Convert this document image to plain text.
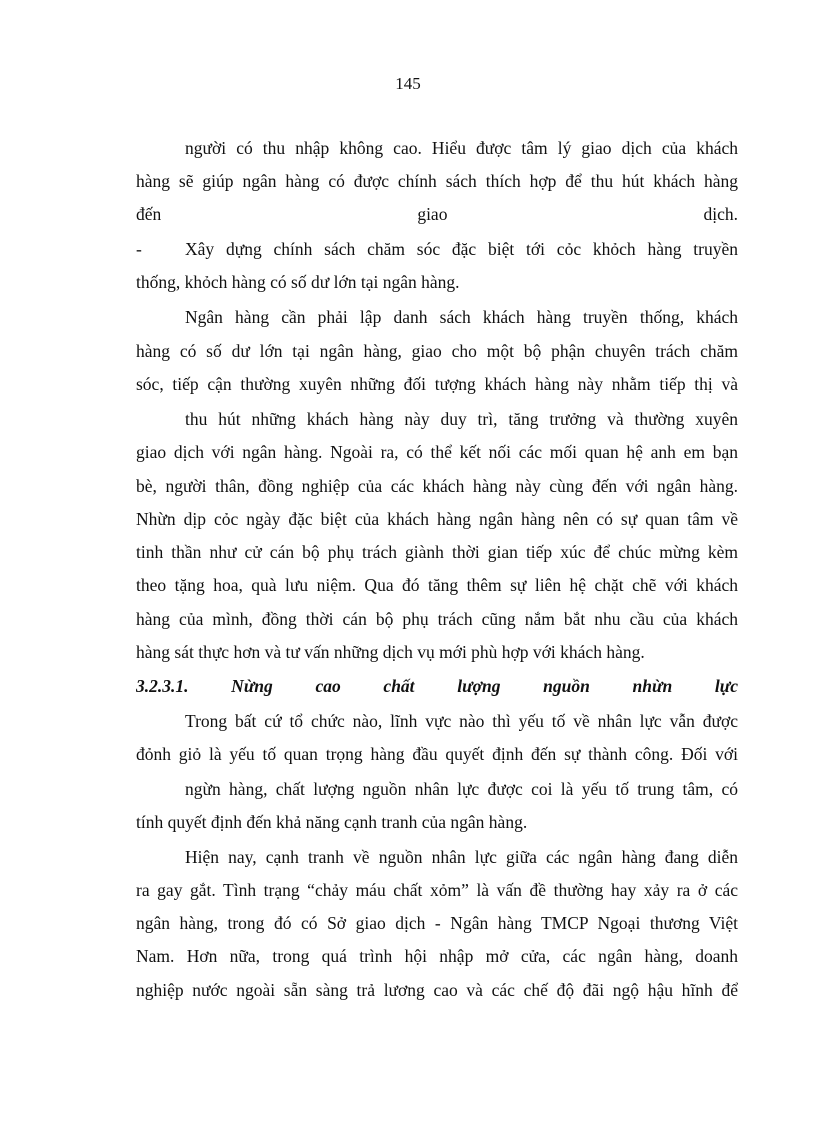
145
người có thu nhập không cao. Hiểu được tâm lý giao dịch của khách
hàng sẽ giúp ngân hàng có được chính sách thích hợp để thu hút khách hàng
đến giao dịch.
- Xây dựng chính sách chăm sóc đặc biệt tới cỏc khỏch hàng truyền
thống, khỏch hàng có số dư lớn tại ngân hàng.
Ngân hàng cần phải lập danh sách khách hàng truyền thống, khách
hàng có số dư lớn tại ngân hàng, giao cho một bộ phận chuyên trách chăm
sóc, tiếp cận thường xuyên những đối tượng khách hàng này nhằm tiếp thị và
thu hút những khách hàng này duy trì, tăng trưởng và thường xuyên
giao dịch với ngân hàng. Ngoài ra, có thể kết nối các mối quan hệ anh em bạn
bè, người thân, đồng nghiệp của các khách hàng này cùng đến với ngân hàng.
Nhừn dịp cỏc ngày đặc biệt của khách hàng ngân hàng nên có sự quan tâm về
tinh thần như cử cán bộ phụ trách giành thời gian tiếp xúc để chúc mừng kèm
theo tặng hoa, quà lưu niệm. Qua đó tăng thêm sự liên hệ chặt chẽ với khách
hàng của mình, đồng thời cán bộ phụ trách cũng nắm bắt nhu cầu của khách
hàng sát thực hơn và tư vấn những dịch vụ mới phù hợp với khách hàng.
3.2.3.1. Nừng cao chất lượng nguồn nhừn lực
Trong bất cứ tổ chức nào, lĩnh vực nào thì yếu tố về nhân lực vẫn được
đỏnh giỏ là yếu tố quan trọng hàng đầu quyết định đến sự thành công. Đối với
ngừn hàng, chất lượng nguồn nhân lực được coi là yếu tố trung tâm, có
tính quyết định đến khả năng cạnh tranh của ngân hàng.
Hiện nay, cạnh tranh về nguồn nhân lực giữa các ngân hàng đang diễn
ra gay gắt. Tình trạng “chảy máu chất xỏm” là vấn đề thường hay xảy ra ở các
ngân hàng, trong đó có Sở giao dịch - Ngân hàng TMCP Ngoại thương Việt
Nam. Hơn nữa, trong quá trình hội nhập mở cửa, các ngân hàng, doanh
nghiệp nước ngoài sẵn sàng trả lương cao và các chế độ đãi ngộ hậu hĩnh để
